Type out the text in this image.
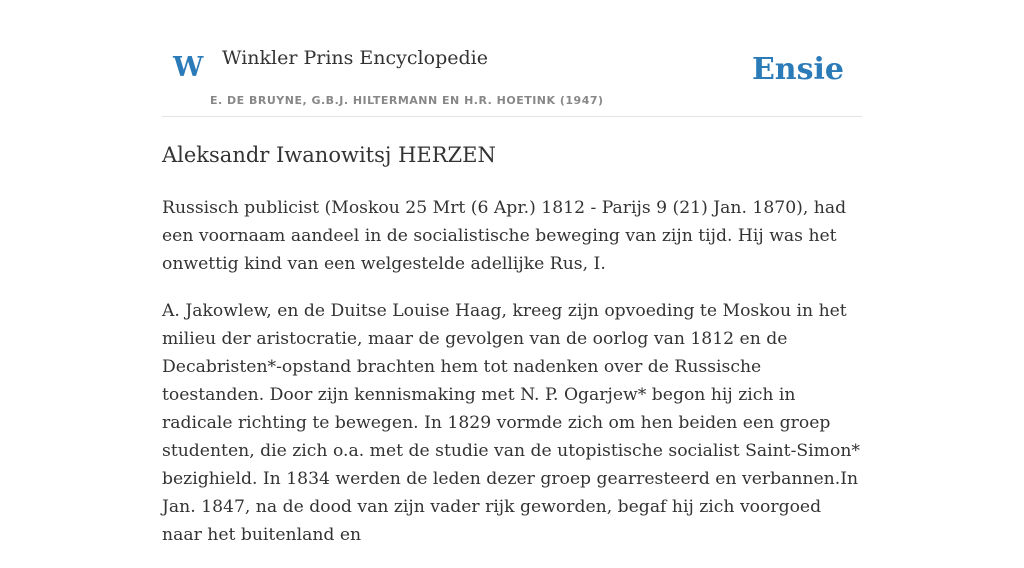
W Winkler Prins Encyclopedie
E. DE BRUYNE, G.B.J. HILTERMANN EN H.R. HOETINK (1947)
Ensie
Aleksandr Iwanowitsj HERZEN

Russisch publicist (Moskou 25 Mrt (6 Apr.) 1812 - Parijs 9 (21) Jan. 1870), had een voornaam aandeel in de socialistische beweging van zijn tijd. Hij was het onwettig kind van een welgestelde adellijke Rus, I.

A. Jakowlew, en de Duitse Louise Haag, kreeg zijn opvoeding te Moskou in het milieu der aristocratie, maar de gevolgen van de oorlog van 1812 en de Decabristen*-opstand brachten hem tot nadenken over de Russische toestanden. Door zijn kennismaking met N. P. Ogarjew* begon hij zich in radicale richting te bewegen. In 1829 vormde zich om hen beiden een groep studenten, die zich o.a. met de studie van de utopistische socialist Saint-Simon* bezighield. In 1834 werden de leden dezer groep gearresteerd en verbannen.In Jan. 1847, na de dood van zijn vader rijk geworden, begaf hij zich voorgoed naar het buitenland en
